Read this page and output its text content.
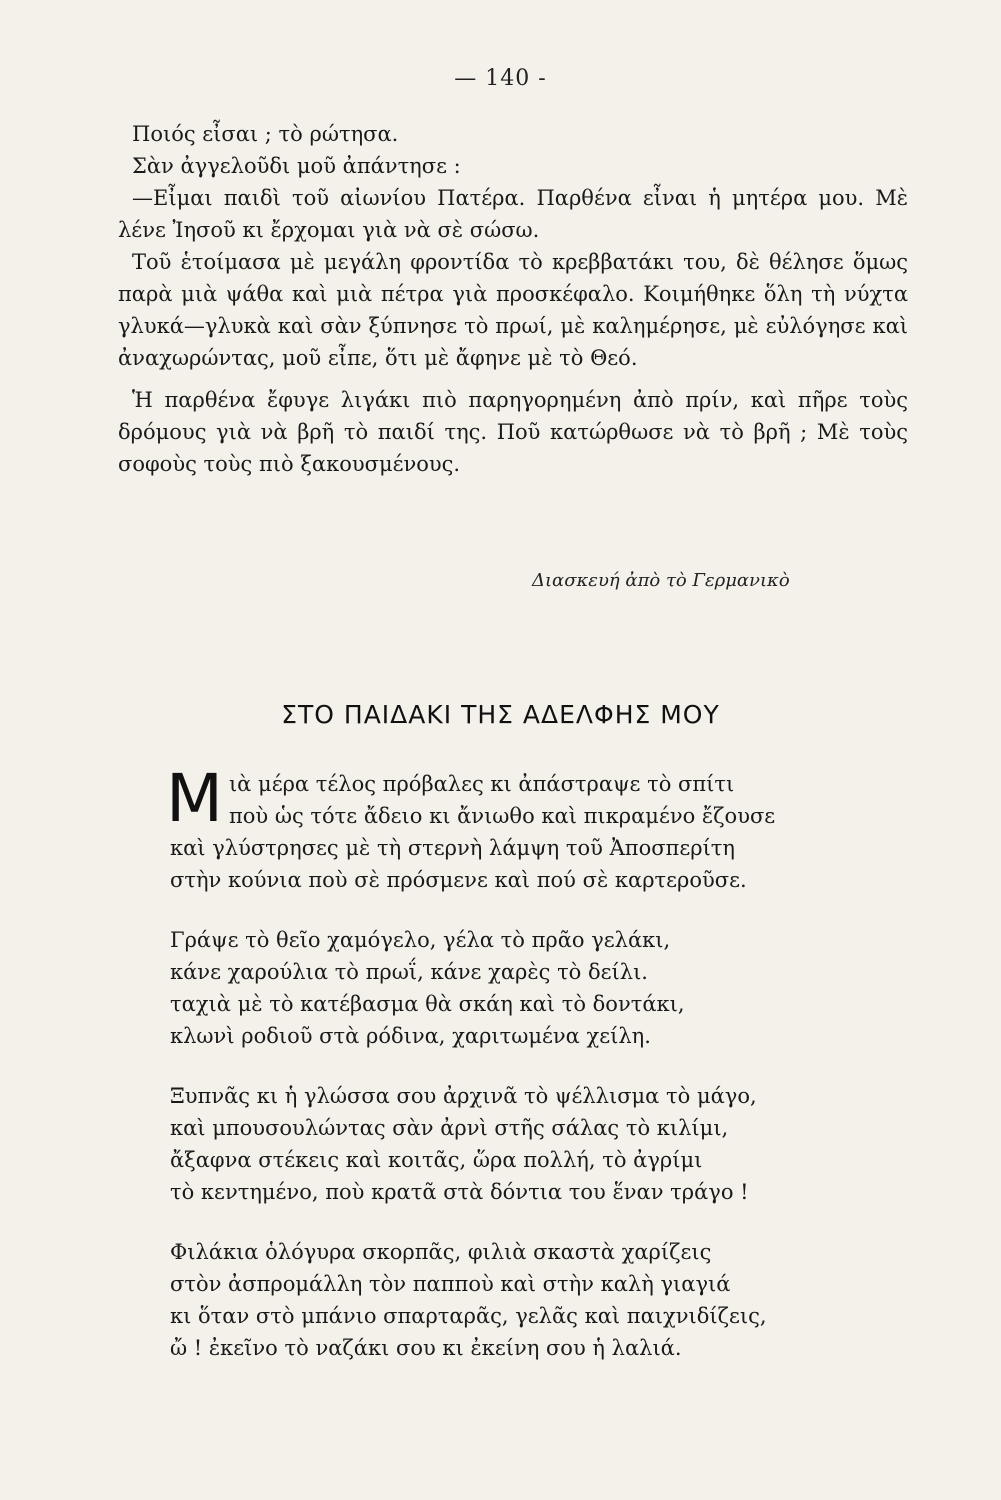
— 140 -

Ποιός εἶσαι ; τὸ ρώτησα.

Σὰν ἀγγελοῦδι μοῦ ἀπάντησε :

—Εἶμαι παιδὶ τοῦ αἰωνίου Πατέρα. Παρθένα εἶναι ἡ μητέρα μου. Μὲ λένε Ἰησοῦ κι ἔρχομαι γιὰ νὰ σὲ σώσω.

Τοῦ ἑτοίμασα μὲ μεγάλη φροντίδα τὸ κρεββατάκι του, δὲ θέλησε ὅμως παρὰ μιὰ ψάθα καὶ μιὰ πέτρα γιὰ προσκέφαλο. Κοιμήθηκε ὅλη τὴ νύχτα γλυκά—γλυκὰ καὶ σὰν ξύπνησε τὸ πρωί, μὲ καλημέρησε, μὲ εὐλόγησε καὶ ἀναχωρώντας, μοῦ εἶπε, ὅτι μὲ ἄφηνε μὲ τὸ Θεό.

Ἡ παρθένα ἔφυγε λιγάκι πιὸ παρηγορημένη ἀπὸ πρίν, καὶ πῆρε τοὺς δρόμους γιὰ νὰ βρῆ τὸ παιδί της. Ποῦ κατώρθωσε νὰ τὸ βρῆ ; Μὲ τοὺς σοφοὺς τοὺς πιὸ ξακουσμένους.

Διασκευή ἀπὸ τὸ Γερμανικὸ
ΣΤΟ ΠΑΙΔΑΚΙ ΤΗΣ ΑΔΕΛΦΗΣ ΜΟΥ
Μ ιὰ μέρα τέλος πρόβαλες κι ἀπάστραψε τὸ σπίτι
ποὺ ὡς τότε ἄδειο κι ἄνιωθο καὶ πικραμένο ἔζουσε
καὶ γλύστρησες μὲ τὴ στερνὴ λάμψη τοῦ Ἀποσπερίτη
στὴν κούνια ποὺ σὲ πρόσμενε καὶ πού σὲ καρτεροῦσε.
Γράψε τὸ θεῖο χαμόγελο, γέλα τὸ πρᾶο γελάκι,
κάνε χαρούλια τὸ πρωΐ, κάνε χαρὲς τὸ δείλι.
ταχιὰ μὲ τὸ κατέβασμα θὰ σκάη καὶ τὸ δοντάκι,
κλωνὶ ροδιοῦ στὰ ρόδινα, χαριτωμένα χείλη.
Ξυπνᾶς κι ἡ γλώσσα σου ἀρχινᾶ τὸ ψέλλισμα τὸ μάγο,
καὶ μπουσουλώντας σὰν ἀρνὶ στῆς σάλας τὸ κιλίμι,
ἄξαφνα στέκεις καὶ κοιτᾶς, ὥρα πολλή, τὸ ἀγρίμι
τὸ κεντημένο, ποὺ κρατᾶ στὰ δόντια του ἕναν τράγο !
Φιλάκια ὁλόγυρα σκορπᾶς, φιλιὰ σκαστὰ χαρίζεις
στὸν ἀσπρομάλλη τὸν παπποὺ καὶ στὴν καλὴ γιαγιά
κι ὅταν στὸ μπάνιο σπαρταρᾶς, γελᾶς καὶ παιχνιδίζεις,
ὤ ! ἐκεῖνο τὸ ναζάκι σου κι ἐκείνη σου ἡ λαλιά.
